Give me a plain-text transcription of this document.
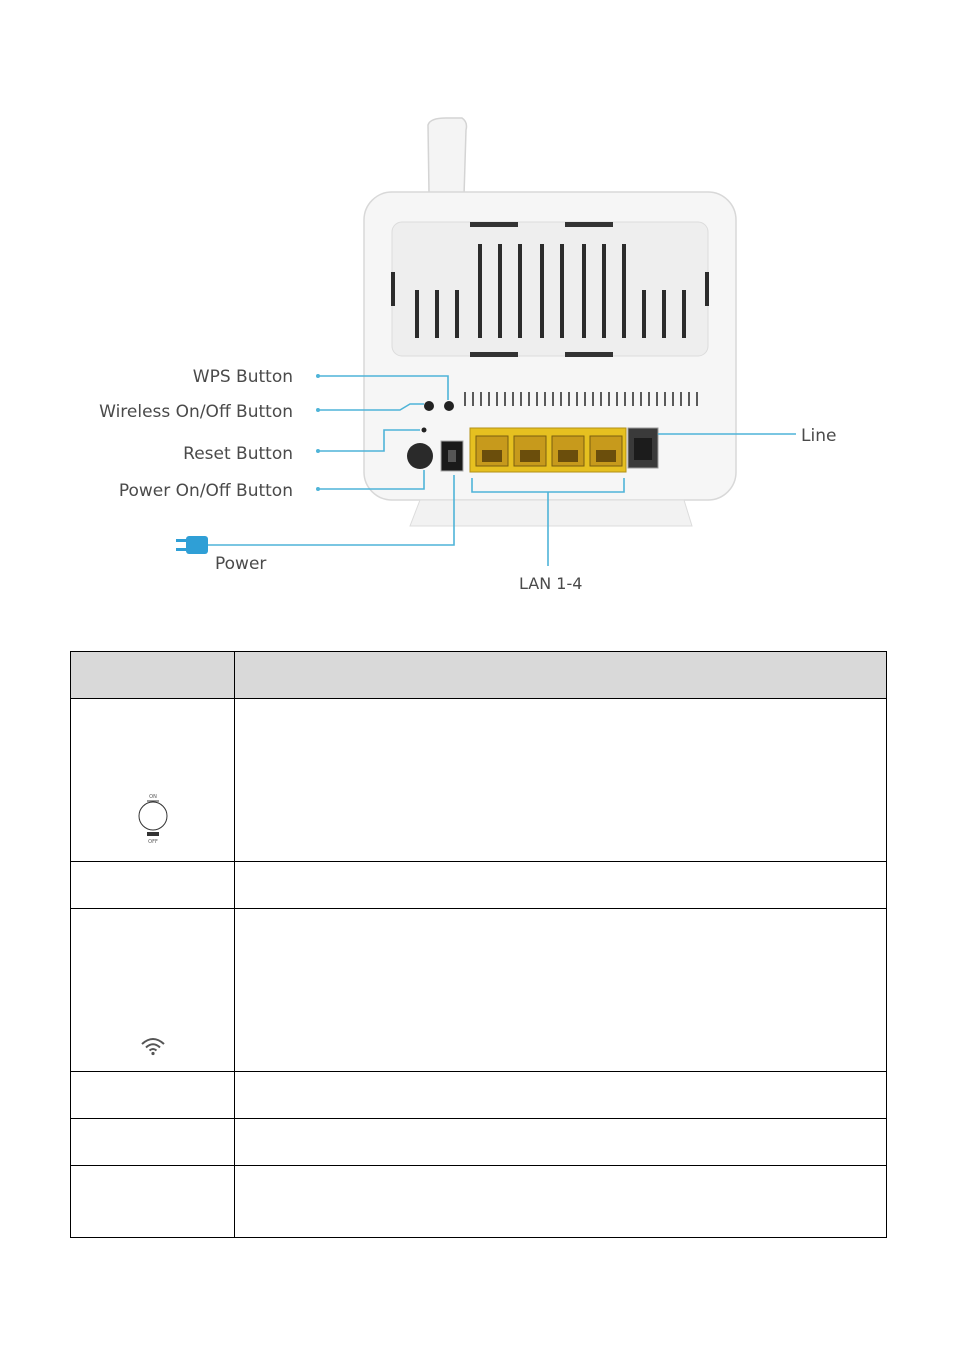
WPS Button
Wireless On/Off Button
Reset Button
Power On/Off Button
Power
Line
LAN 1-4

ON
OFF	
